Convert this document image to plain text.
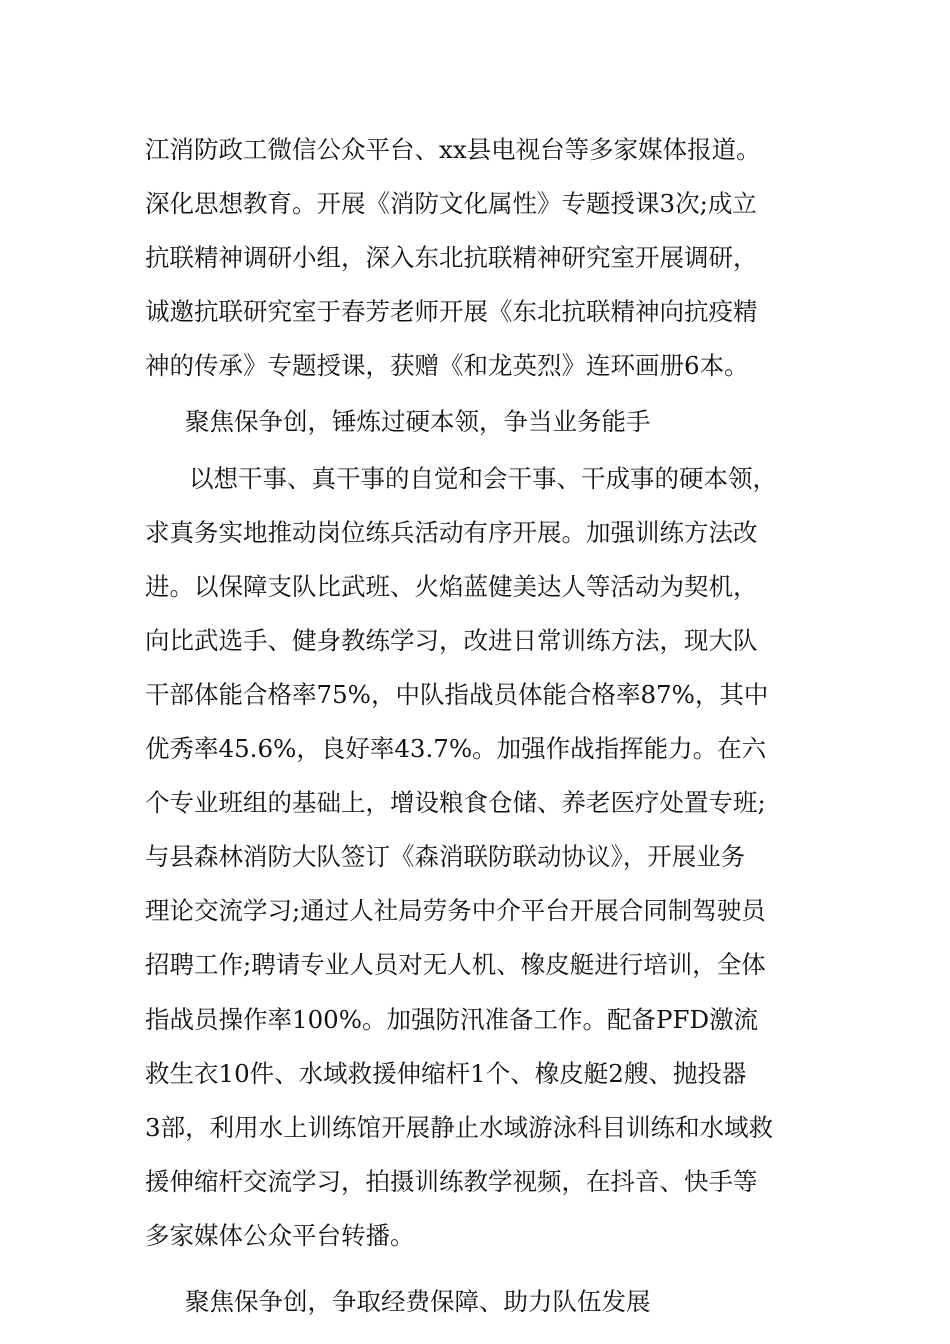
江消防政工微信公众平台、xx县电视台等多家媒体报道。
深化思想教育。开展《消防文化属性》专题授课3次;成立
抗联精神调研小组，深入东北抗联精神研究室开展调研，
诚邀抗联研究室于春芳老师开展《东北抗联精神向抗疫精
神的传承》专题授课，获赠《和龙英烈》连环画册6本。
聚焦保争创，锤炼过硬本领，争当业务能手
以想干事、真干事的自觉和会干事、干成事的硬本领，
求真务实地推动岗位练兵活动有序开展。加强训练方法改
进。以保障支队比武班、火焰蓝健美达人等活动为契机，
向比武选手、健身教练学习，改进日常训练方法，现大队
干部体能合格率75%，中队指战员体能合格率87%，其中
优秀率45.6%，良好率43.7%。加强作战指挥能力。在六
个专业班组的基础上，增设粮食仓储、养老医疗处置专班;
与县森林消防大队签订《森消联防联动协议》，开展业务
理论交流学习;通过人社局劳务中介平台开展合同制驾驶员
招聘工作;聘请专业人员对无人机、橡皮艇进行培训，全体
指战员操作率100%。加强防汛准备工作。配备PFD激流
救生衣10件、水域救援伸缩杆1个、橡皮艇2艘、抛投器
3部，利用水上训练馆开展静止水域游泳科目训练和水域救
援伸缩杆交流学习，拍摄训练教学视频，在抖音、快手等
多家媒体公众平台转播。
聚焦保争创，争取经费保障、助力队伍发展
